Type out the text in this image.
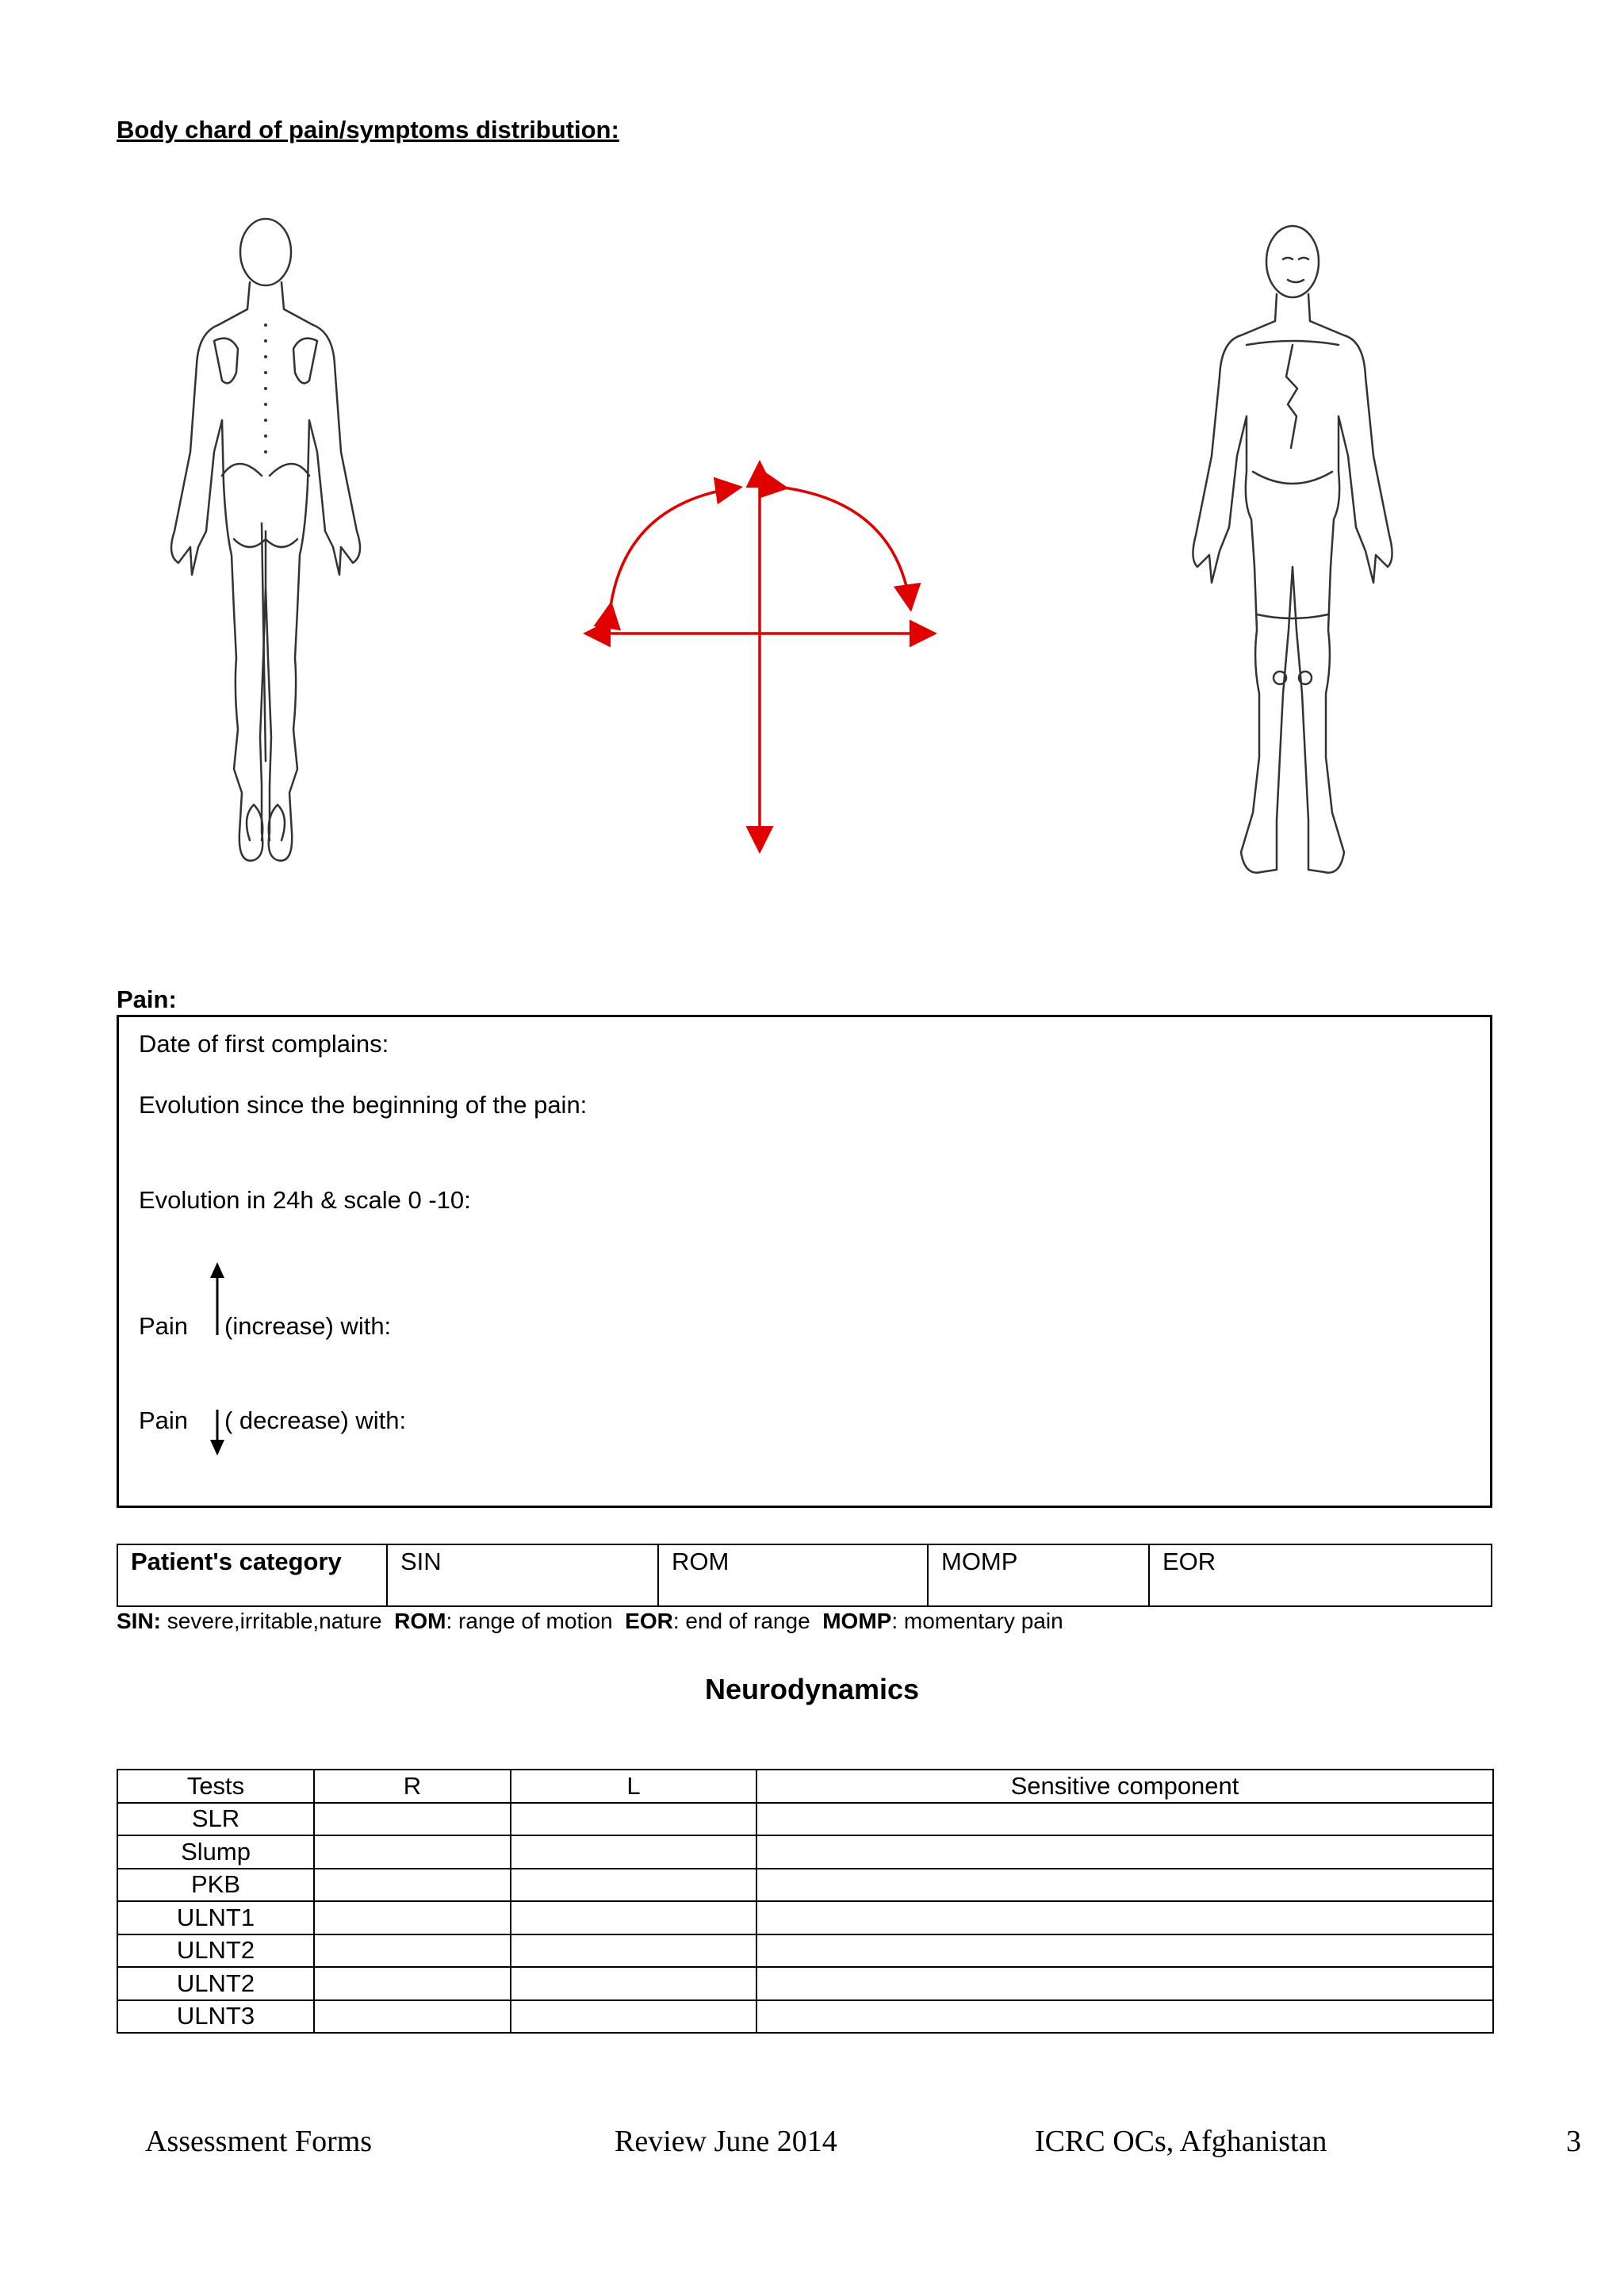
Body chard of pain/symptoms distribution:
Pain:
Date of first complains:
Evolution since the beginning of the pain:
Evolution in 24h & scale 0 -10:
Pain (increase) with:
Pain ( decrease) with:
Patient's category	SIN	ROM	MOMP	EOR
SIN: severe,irritable,nature ROM: range of motion EOR: end of range MOMP: momentary pain
Neurodynamics
Tests	R	L	Sensitive component
SLR			
Slump			
PKB			
ULNT1			
ULNT2			
ULNT2			
ULNT3			
Assessment Forms	Review June 2014	ICRC OCs, Afghanistan	3
